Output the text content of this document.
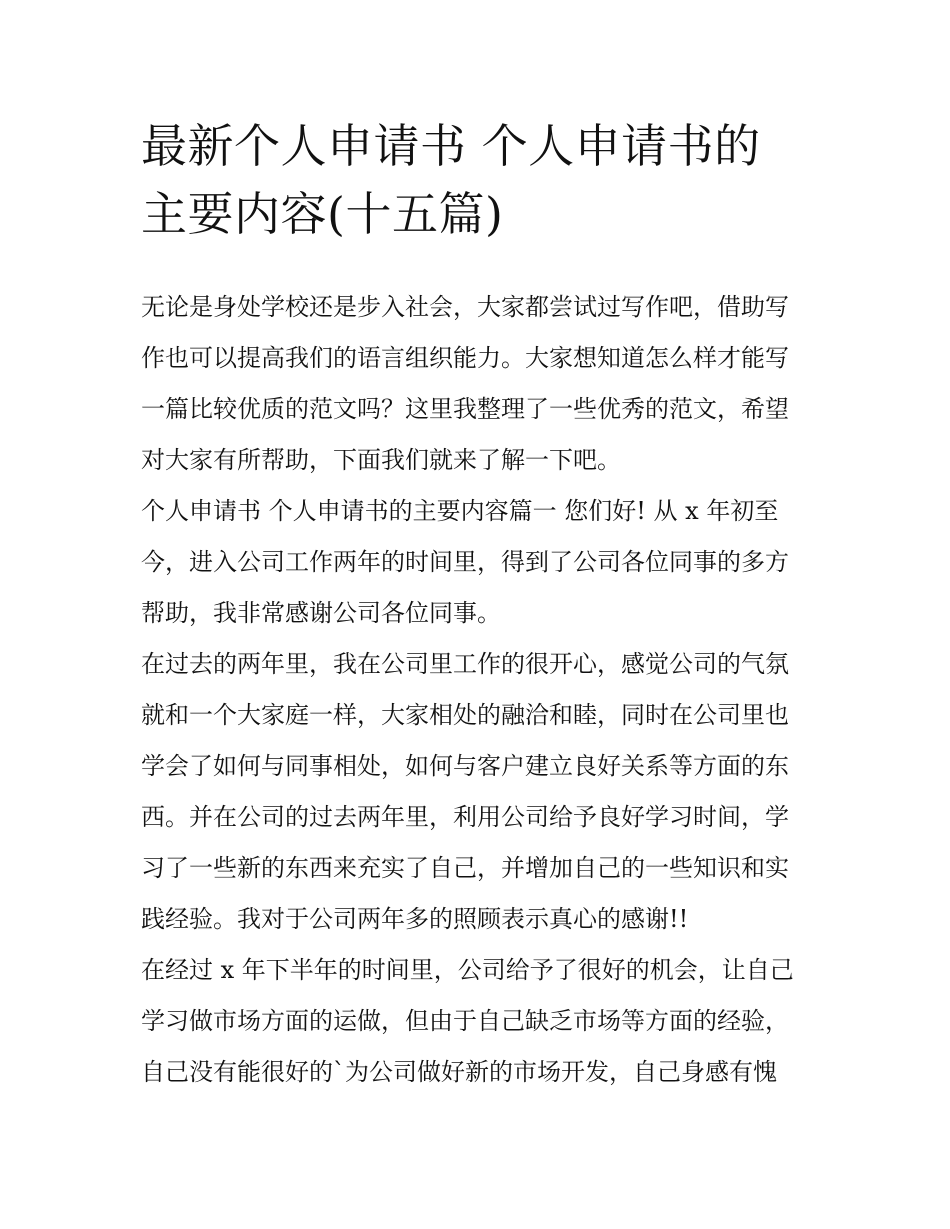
最新个人申请书 个人申请书的
主要内容(十五篇)
无论是身处学校还是步入社会，大家都尝试过写作吧，借助写
作也可以提高我们的语言组织能力。大家想知道怎么样才能写
一篇比较优质的范文吗？这里我整理了一些优秀的范文，希望
对大家有所帮助，下面我们就来了解一下吧。
个人申请书 个人申请书的主要内容篇一 您们好! 从 x 年初至
今，进入公司工作两年的时间里，得到了公司各位同事的多方
帮助，我非常感谢公司各位同事。
在过去的两年里，我在公司里工作的很开心，感觉公司的气氛
就和一个大家庭一样，大家相处的融洽和睦，同时在公司里也
学会了如何与同事相处，如何与客户建立良好关系等方面的东
西。并在公司的过去两年里，利用公司给予良好学习时间，学
习了一些新的东西来充实了自己，并增加自己的一些知识和实
践经验。我对于公司两年多的照顾表示真心的感谢!!
在经过 x 年下半年的时间里，公司给予了很好的机会，让自己
学习做市场方面的运做，但由于自己缺乏市场等方面的经验，
自己没有能很好的`为公司做好新的市场开发，自己身感有愧
